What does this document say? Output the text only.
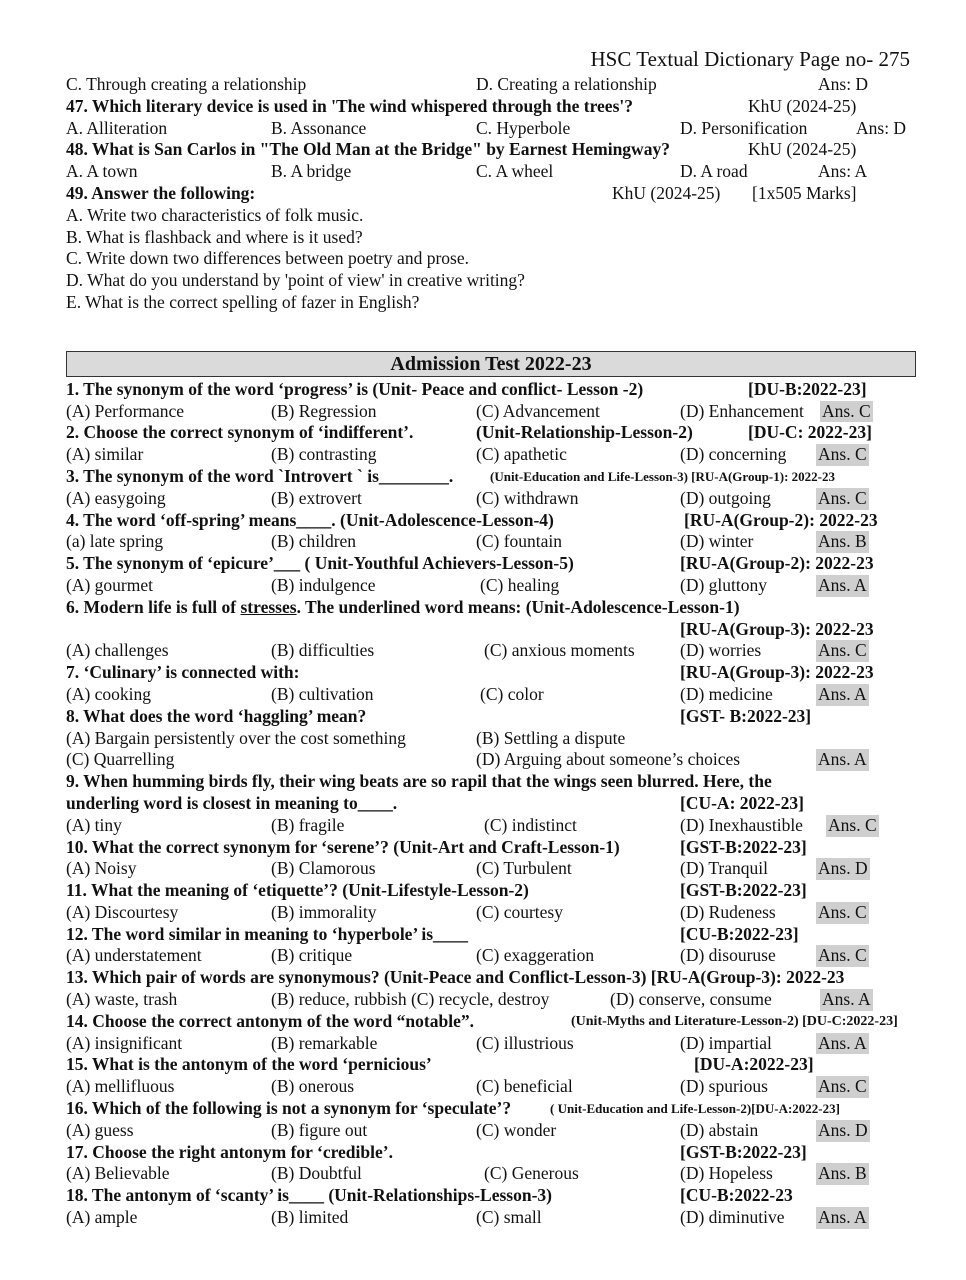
HSC Textual Dictionary Page no- 275
C. Through creating a relationship	D. Creating a relationship	Ans: D
47. Which literary device is used in 'The wind whispered through the trees'?	KhU (2024-25)
A. Alliteration	B. Assonance	C. Hyperbole	D. Personification	Ans: D
48. What is San Carlos in "The Old Man at the Bridge" by Earnest Hemingway?	KhU (2024-25)
A. A town	B. A bridge	C. A wheel	D. A road	Ans: A
49. Answer the following:	KhU (2024-25) [1x505 Marks]
A. Write two characteristics of folk music.
B. What is flashback and where is it used?
C. Write down two differences between poetry and prose.
D. What do you understand by 'point of view' in creative writing?
E. What is the correct spelling of fazer in English?
Admission Test 2022-23
1. The synonym of the word ‘progress’ is (Unit- Peace and conflict- Lesson -2)	[DU-B:2022-23]
(A) Performance	(B) Regression	(C) Advancement	(D) Enhancement Ans. C
2. Choose the correct synonym of ‘indifferent’.	(Unit-Relationship-Lesson-2)	[DU-C: 2022-23]
(A) similar	(B) contrasting	(C) apathetic	(D) concerning Ans. C
3. The synonym of the word `Introvert ` is________.	(Unit-Education and Life-Lesson-3) [RU-A(Group-1): 2022-23
(A) easygoing	(B) extrovert	(C) withdrawn	(D) outgoing	Ans. C
4. The word ‘off-spring’ means____. (Unit-Adolescence-Lesson-4)	[RU-A(Group-2): 2022-23
(a) late spring	(B) children	(C) fountain	(D) winter	Ans. B
5. The synonym of ‘epicure’___ ( Unit-Youthful Achievers-Lesson-5)	[RU-A(Group-2): 2022-23
(A) gourmet	(B) indulgence	(C) healing	(D) gluttony	Ans. A
6. Modern life is full of stresses. The underlined word means: (Unit-Adolescence-Lesson-1)
[RU-A(Group-3): 2022-23
(A) challenges	(B) difficulties	(C) anxious moments	(D) worries	Ans. C
7. ‘Culinary’ is connected with:	[RU-A(Group-3): 2022-23
(A) cooking	(B) cultivation	(C) color	(D) medicine	Ans. A
8. What does the word ‘haggling’ mean?	[GST- B:2022-23]
(A) Bargain persistently over the cost something	(B) Settling a dispute
(C) Quarrelling	(D) Arguing about someone’s choices	Ans. A
9. When humming birds fly, their wing beats are so rapil that the wings seen blurred. Here, the
underling word is closest in meaning to____.	[CU-A: 2022-23]
(A) tiny	(B) fragile	(C) indistinct	(D) Inexhaustible Ans. C
10. What the correct synonym for ‘serene’? (Unit-Art and Craft-Lesson-1)	[GST-B:2022-23]
(A) Noisy	(B) Clamorous	(C) Turbulent	(D) Tranquil	Ans. D
11. What the meaning of ‘etiquette’? (Unit-Lifestyle-Lesson-2)	[GST-B:2022-23]
(A) Discourtesy	(B) immorality	(C) courtesy	(D) Rudeness Ans. C
12. The word similar in meaning to ‘hyperbole’ is____	[CU-B:2022-23]
(A) understatement	(B) critique	(C) exaggeration	(D) disouruse Ans. C
13. Which pair of words are synonymous? (Unit-Peace and Conflict-Lesson-3) [RU-A(Group-3): 2022-23
(A) waste, trash	(B) reduce, rubbish (C) recycle, destroy	(D) conserve, consume	Ans. A
14. Choose the correct antonym of the word “notable”.	(Unit-Myths and Literature-Lesson-2) [DU-C:2022-23]
(A) insignificant	(B) remarkable	(C) illustrious	(D) impartial	Ans. A
15. What is the antonym of the word ‘pernicious’	[DU-A:2022-23]
(A) mellifluous	(B) onerous	(C) beneficial	(D) spurious	Ans. C
16. Which of the following is not a synonym for ‘speculate’?	( Unit-Education and Life-Lesson-2)[DU-A:2022-23]
(A) guess	(B) figure out	(C) wonder	(D) abstain	Ans. D
17. Choose the right antonym for ‘credible’.	[GST-B:2022-23]
(A) Believable	(B) Doubtful	(C) Generous	(D) Hopeless	Ans. B
18. The antonym of ‘scanty’ is____ (Unit-Relationships-Lesson-3)	[CU-B:2022-23
(A) ample	(B) limited	(C) small	(D) diminutive Ans. A
